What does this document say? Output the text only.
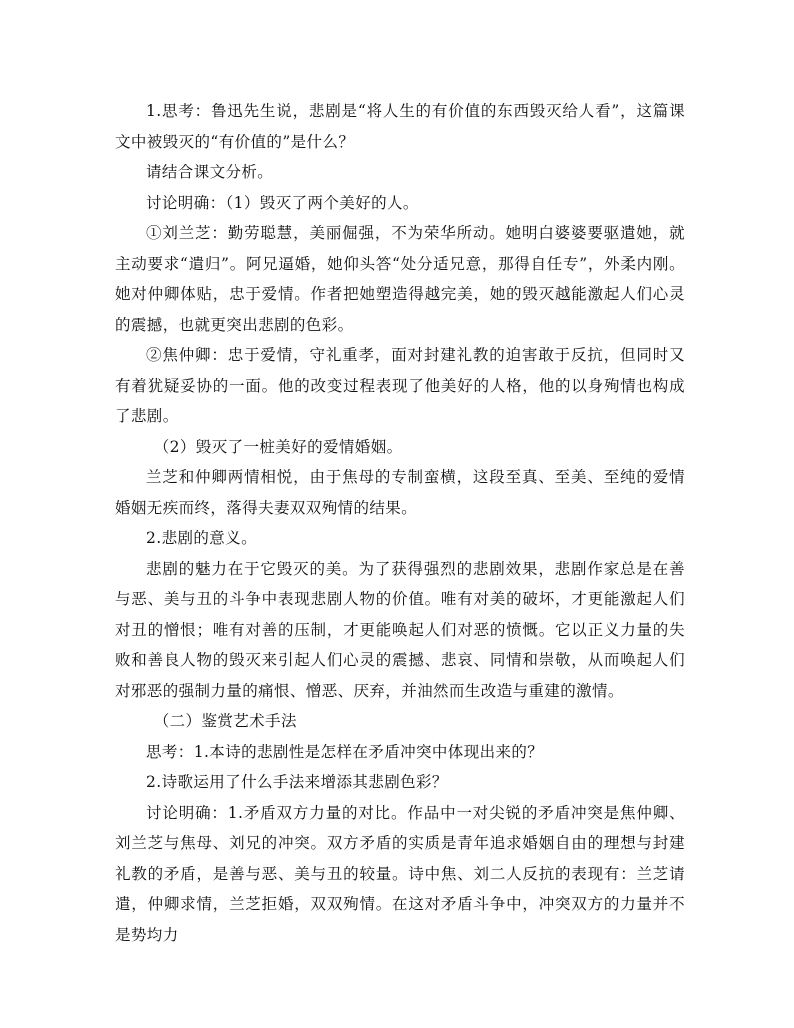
1.思考：鲁迅先生说，悲剧是“将人生的有价值的东西毁灭给人看”，这篇课文中被毁灭的“有价值的”是什么？

请结合课文分析。

讨论明确：（1）毁灭了两个美好的人。

①刘兰芝：勤劳聪慧，美丽倔强，不为荣华所动。她明白婆婆要驱遣她，就主动要求“遣归”。阿兄逼婚，她仰头答“处分适兄意，那得自任专”，外柔内刚。她对仲卿体贴，忠于爱情。作者把她塑造得越完美，她的毁灭越能激起人们心灵的震撼，也就更突出悲剧的色彩。

②焦仲卿：忠于爱情，守礼重孝，面对封建礼教的迫害敢于反抗，但同时又有着犹疑妥协的一面。他的改变过程表现了他美好的人格，他的以身殉情也构成了悲剧。

（2）毁灭了一桩美好的爱情婚姻。

兰芝和仲卿两情相悦，由于焦母的专制蛮横，这段至真、至美、至纯的爱情婚姻无疾而终，落得夫妻双双殉情的结果。

2.悲剧的意义。

悲剧的魅力在于它毁灭的美。为了获得强烈的悲剧效果，悲剧作家总是在善与恶、美与丑的斗争中表现悲剧人物的价值。唯有对美的破坏，才更能激起人们对丑的憎恨；唯有对善的压制，才更能唤起人们对恶的愤慨。它以正义力量的失败和善良人物的毁灭来引起人们心灵的震撼、悲哀、同情和崇敬，从而唤起人们对邪恶的强制力量的痛恨、憎恶、厌弃，并油然而生改造与重建的激情。

（二）鉴赏艺术手法

思考：1.本诗的悲剧性是怎样在矛盾冲突中体现出来的？

2.诗歌运用了什么手法来增添其悲剧色彩？

讨论明确：1.矛盾双方力量的对比。作品中一对尖锐的矛盾冲突是焦仲卿、刘兰芝与焦母、刘兄的冲突。双方矛盾的实质是青年追求婚姻自由的理想与封建礼教的矛盾，是善与恶、美与丑的较量。诗中焦、刘二人反抗的表现有：兰芝请遣，仲卿求情，兰芝拒婚，双双殉情。在这对矛盾斗争中，冲突双方的力量并不是势均力
